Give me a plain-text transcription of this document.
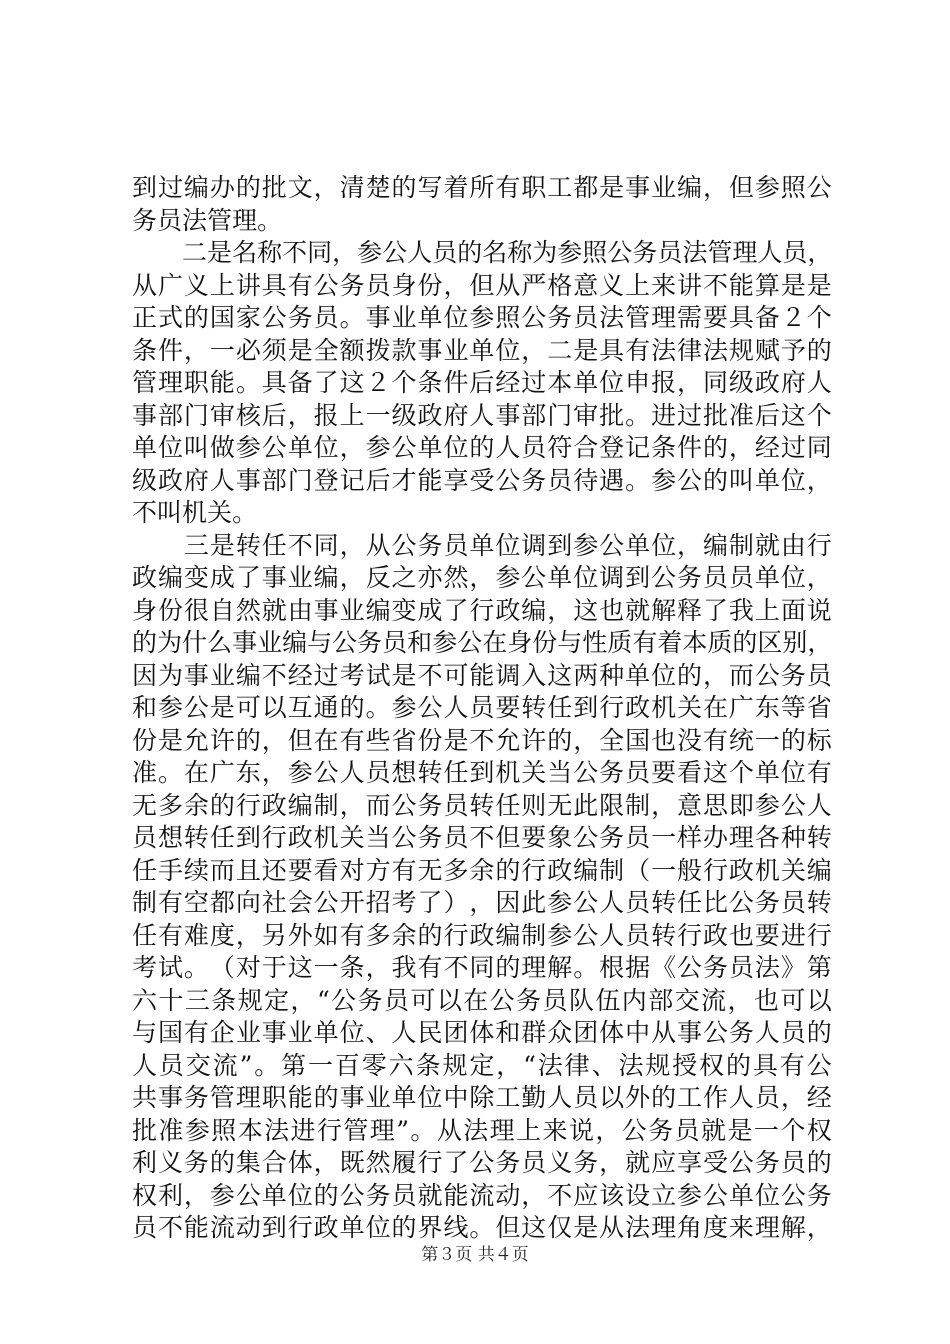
到 过 编 办 的 批 文 ， 清 楚 的 写 着 所 有 职 工 都 是 事 业 编 ， 但 参 照 公
务 员 法 管 理 。

二 是 名 称 不 同 ， 参 公 人 员 的 名 称 为 参 照 公 务 员 法 管 理 人 员 ，
从 广 义 上 讲 具 有 公 务 员 身 份 ， 但 从 严 格 意 义 上 来 讲 不 能 算 是 是
正 式 的 国 家 公 务 员 。 事 业 单 位 参 照 公 务 员 法 管 理 需 要 具 备 ２ 个
条 件 ， 一 必 须 是 全 额 拨 款 事 业 单 位 ， 二 是 具 有 法 律 法 规 赋 予 的
管 理 职 能 。 具 备 了 这 ２ 个 条 件 后 经 过 本 单 位 申 报 ， 同 级 政 府 人
事 部 门 审 核 后 ， 报 上 一 级 政 府 人 事 部 门 审 批 。 进 过 批 准 后 这 个
单 位 叫 做 参 公 单 位 ， 参 公 单 位 的 人 员 符 合 登 记 条 件 的 ， 经 过 同
级 政 府 人 事 部 门 登 记 后 才 能 享 受 公 务 员 待 遇 。 参 公 的 叫 单 位 ，
不 叫 机 关 。

三 是 转 任 不 同 ， 从 公 务 员 单 位 调 到 参 公 单 位 ， 编 制 就 由 行
政 编 变 成 了 事 业 编 ， 反 之 亦 然 ， 参 公 单 位 调 到 公 务 员 员 单 位 ，
身 份 很 自 然 就 由 事 业 编 变 成 了 行 政 编 ， 这 也 就 解 释 了 我 上 面 说
的 为 什 么 事 业 编 与 公 务 员 和 参 公 在 身 份 与 性 质 有 着 本 质 的 区 别 ，
因 为 事 业 编 不 经 过 考 试 是 不 可 能 调 入 这 两 种 单 位 的 ， 而 公 务 员
和 参 公 是 可 以 互 通 的 。 参 公 人 员 要 转 任 到 行 政 机 关 在 广 东 等 省
份 是 允 许 的 ， 但 在 有 些 省 份 是 不 允 许 的 ， 全 国 也 没 有 统 一 的 标
准 。 在 广 东 ， 参 公 人 员 想 转 任 到 机 关 当 公 务 员 要 看 这 个 单 位 有
无 多 余 的 行 政 编 制 ， 而 公 务 员 转 任 则 无 此 限 制 ， 意 思 即 参 公 人
员 想 转 任 到 行 政 机 关 当 公 务 员 不 但 要 象 公 务 员 一 样 办 理 各 种 转
任 手 续 而 且 还 要 看 对 方 有 无 多 余 的 行 政 编 制 （ 一 般 行 政 机 关 编
制 有 空 都 向 社 会 公 开 招 考 了 ） ， 因 此 参 公 人 员 转 任 比 公 务 员 转
任 有 难 度 ， 另 外 如 有 多 余 的 行 政 编 制 参 公 人 员 转 行 政 也 要 进 行
考 试 。 （ 对 于 这 一 条 ， 我 有 不 同 的 理 解 。 根 据 《 公 务 员 法 》 第
六 十 三 条 规 定 ， “ 公 务 员 可 以 在 公 务 员 队 伍 内 部 交 流 ， 也 可 以
与 国 有 企 业 事 业 单 位 、 人 民 团 体 和 群 众 团 体 中 从 事 公 务 人 员 的
人 员 交 流 ” 。 第 一 百 零 六 条 规 定 ， “ 法 律 、 法 规 授 权 的 具 有 公
共 事 务 管 理 职 能 的 事 业 单 位 中 除 工 勤 人 员 以 外 的 工 作 人 员 ， 经
批 准 参 照 本 法 进 行 管 理 ” 。 从 法 理 上 来 说 ， 公 务 员 就 是 一 个 权
利 义 务 的 集 合 体 ， 既 然 履 行 了 公 务 员 义 务 ， 就 应 享 受 公 务 员 的
权 利 ， 参 公 单 位 的 公 务 员 就 能 流 动 ， 不 应 该 设 立 参 公 单 位 公 务
员 不 能 流 动 到 行 政 单 位 的 界 线 。 但 这 仅 是 从 法 理 角 度 来 理 解 ，
第３页 共４页
